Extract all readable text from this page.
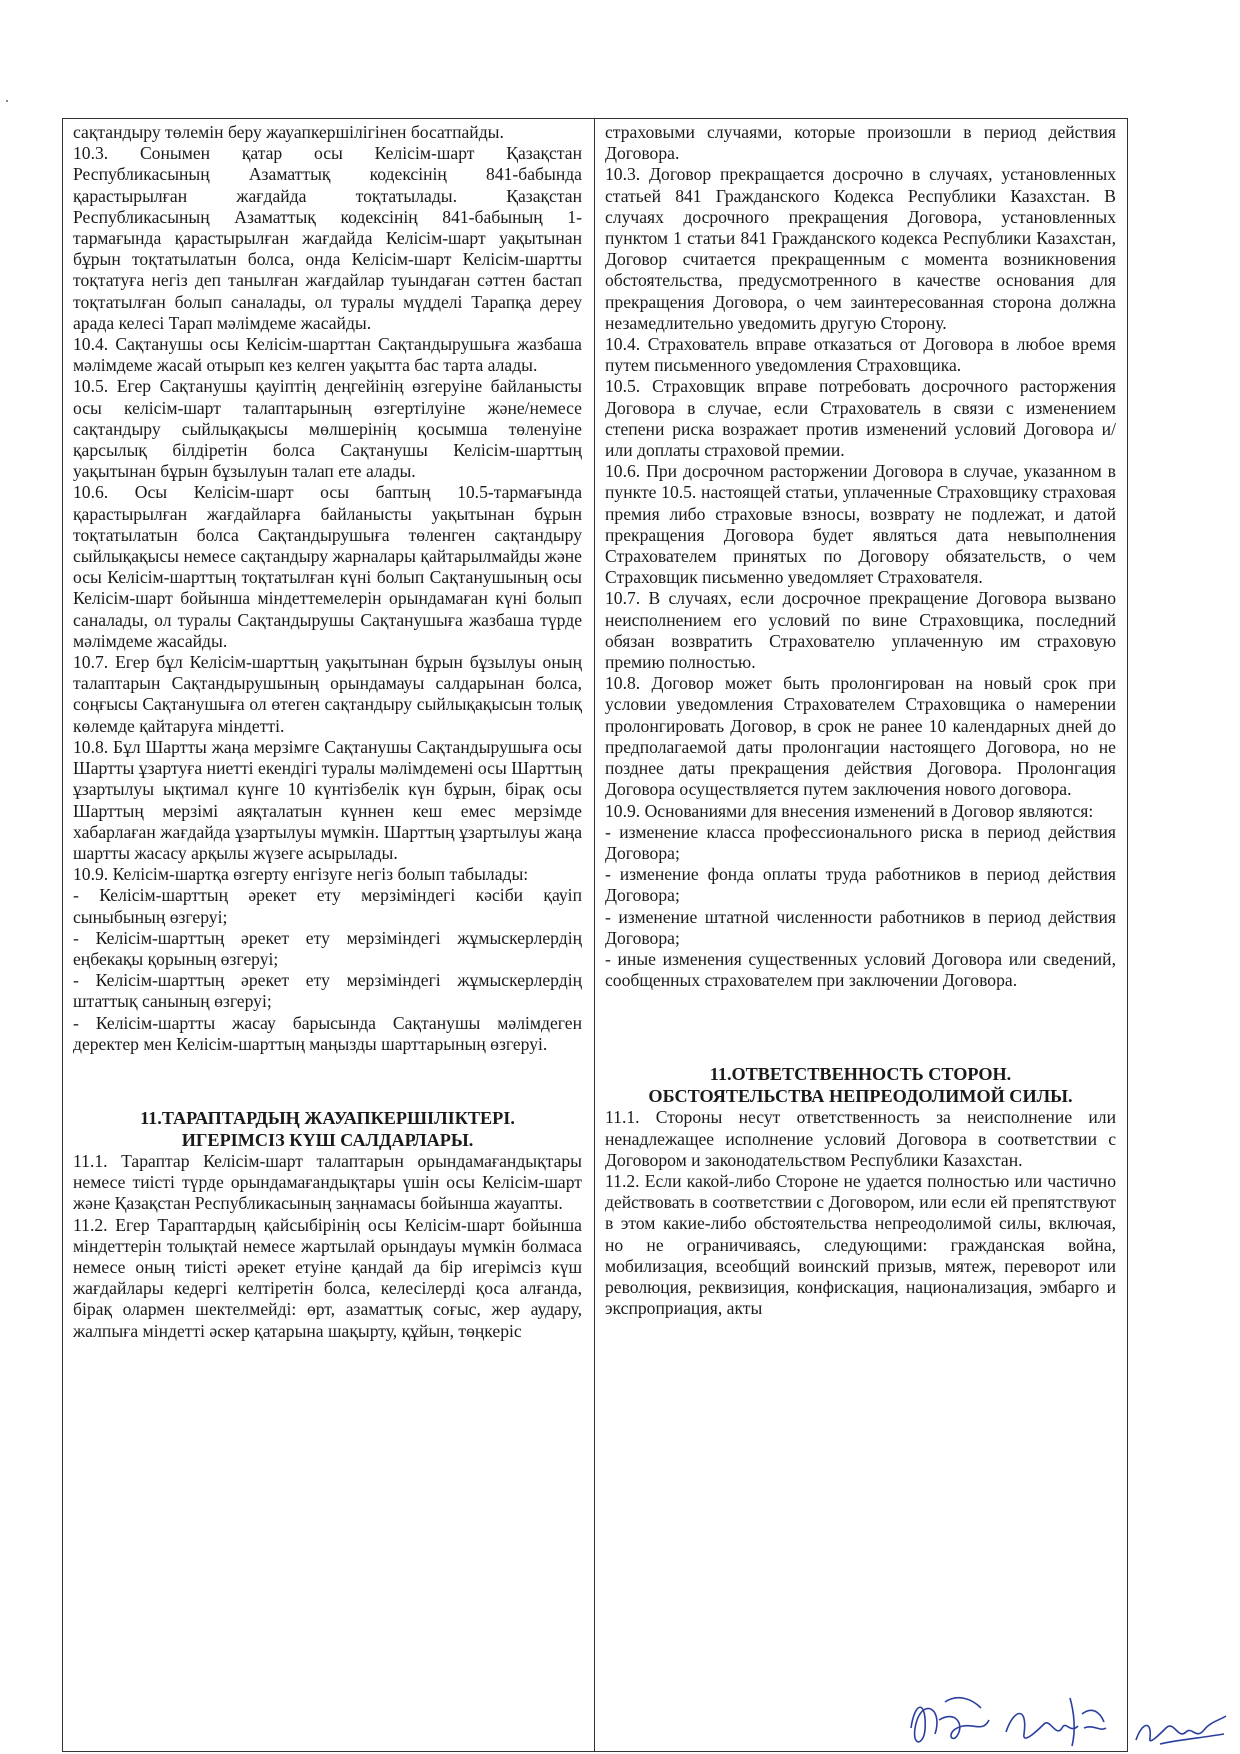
сақтандыру төлемін беру жауапкершілігінен босатпайды.

10.3. Сонымен қатар осы Келісім-шарт Қазақстан Республикасының Азаматтық кодексінің 841-бабында қарастырылған жағдайда тоқтатылады. Қазақстан Республикасының Азаматтық кодексінің 841-бабының 1-тармағында қарастырылған жағдайда Келісім-шарт уақытынан бұрын тоқтатылатын болса, онда Келісім-шарт Келісім-шартты тоқтатуға негіз деп танылған жағдайлар туындаған сәттен бастап тоқтатылған болып саналады, ол туралы мүдделі Тарапқа дереу арада келесі Тарап мәлімдеме жасайды.

10.4. Сақтанушы осы Келісім-шарттан Сақтандырушыға жазбаша мәлімдеме жасай отырып кез келген уақытта бас тарта алады.

10.5. Егер Сақтанушы қауіптің деңгейінің өзгеруіне байланысты осы келісім-шарт талаптарының өзгертілуіне және/немесе сақтандыру сыйлықақысы мөлшерінің қосымша төленуіне қарсылық білдіретін болса Сақтанушы Келісім-шарттың уақытынан бұрын бұзылуын талап ете алады.

10.6. Осы Келісім-шарт осы баптың 10.5-тармағында қарастырылған жағдайларға байланысты уақытынан бұрын тоқтатылатын болса Сақтандырушыға төленген сақтандыру сыйлықақысы немесе сақтандыру жарналары қайтарылмайды және осы Келісім-шарттың тоқтатылған күні болып Сақтанушының осы Келісім-шарт бойынша міндеттемелерін орындамаған күні болып саналады, ол туралы Сақтандырушы Сақтанушыға жазбаша түрде мәлімдеме жасайды.

10.7. Егер бұл Келісім-шарттың уақытынан бұрын бұзылуы оның талаптарын Сақтандырушының орындамауы салдарынан болса, соңғысы Сақтанушыға ол өтеген сақтандыру сыйлықақысын толық көлемде қайтаруға міндетті.

10.8. Бұл Шартты жаңа мерзімге Сақтанушы Сақтандырушыға осы Шартты ұзартуға ниетті екендігі туралы мәлімдемені осы Шарттың ұзартылуы ықтимал күнге 10 күнтізбелік күн бұрын, бірақ осы Шарттың мерзімі аяқталатын күннен кеш емес мерзімде хабарлаған жағдайда ұзартылуы мүмкін. Шарттың ұзартылуы жаңа шартты жасасу арқылы жүзеге асырылады.

10.9. Келісім-шартқа өзгерту енгізуге негіз болып табылады:

- Келісім-шарттың әрекет ету мерзіміндегі кәсіби қауіп сыныбының өзгеруі;

- Келісім-шарттың әрекет ету мерзіміндегі жұмыскерлердің еңбекақы қорының өзгеруі;

- Келісім-шарттың әрекет ету мерзіміндегі жұмыскерлердің штаттық санының өзгеруі;

- Келісім-шартты жасау барысында Сақтанушы мәлімдеген деректер мен Келісім-шарттың маңызды шарттарының өзгеруі.

11.ТАРАПТАРДЫҢ ЖАУАПКЕРШІЛІКТЕРІ.

ИГЕРІМСІЗ КҮШ САЛДАРЛАРЫ.

11.1. Тараптар Келісім-шарт талаптарын орындамағандықтары немесе тиісті түрде орындамағандықтары үшін осы Келісім-шарт және Қазақстан Республикасының заңнамасы бойынша жауапты.

11.2. Егер Тараптардың қайсыбірінің осы Келісім-шарт бойынша міндеттерін толықтай немесе жартылай орындауы мүмкін болмаса немесе оның тиісті әрекет етуіне қандай да бір игерімсіз күш жағдайлары кедергі келтіретін болса, келесілерді қоса алғанда, бірақ олармен шектелмейді: өрт, азаматтық соғыс, жер аудару, жалпыға міндетті әскер қатарына шақырту, құйын, төңкеріс

страховыми случаями, которые произошли в период действия Договора.

10.3. Договор прекращается досрочно в случаях, установленных статьей 841 Гражданского Кодекса Республики Казахстан. В случаях досрочного прекращения Договора, установленных пунктом 1 статьи 841 Гражданского кодекса Республики Казахстан, Договор считается прекращенным с момента возникновения обстоятельства, предусмотренного в качестве основания для прекращения Договора, о чем заинтересованная сторона должна незамедлительно уведомить другую Сторону.

10.4. Страхователь вправе отказаться от Договора в любое время путем письменного уведомления Страховщика.

10.5. Страховщик вправе потребовать досрочного расторжения Договора в случае, если Страхователь в связи с изменением степени риска возражает против изменений условий Договора и/или доплаты страховой премии.

10.6. При досрочном расторжении Договора в случае, указанном в пункте 10.5. настоящей статьи, уплаченные Страховщику страховая премия либо страховые взносы, возврату не подлежат, и датой прекращения Договора будет являться дата невыполнения Страхователем принятых по Договору обязательств, о чем Страховщик письменно уведомляет Страхователя.

10.7. В случаях, если досрочное прекращение Договора вызвано неисполнением его условий по вине Страховщика, последний обязан возвратить Страхователю уплаченную им страховую премию полностью.

10.8. Договор может быть пролонгирован на новый срок при условии уведомления Страхователем Страховщика о намерении пролонгировать Договор, в срок не ранее 10 календарных дней до предполагаемой даты пролонгации настоящего Договора, но не позднее даты прекращения действия Договора. Пролонгация Договора осуществляется путем заключения нового договора.

10.9. Основаниями для внесения изменений в Договор являются:

- изменение класса профессионального риска в период действия Договора;

- изменение фонда оплаты труда работников в период действия Договора;

- изменение штатной численности работников в период действия Договора;

- иные изменения существенных условий Договора или сведений, сообщенных страхователем при заключении Договора.

11.ОТВЕТСТВЕННОСТЬ СТОРОН.

ОБСТОЯТЕЛЬСТВА НЕПРЕОДОЛИМОЙ СИЛЫ.

11.1. Стороны несут ответственность за неисполнение или ненадлежащее исполнение условий Договора в соответствии с Договором и законодательством Республики Казахстан.

11.2. Если какой-либо Стороне не удается полностью или частично действовать в соответствии с Договором, или если ей препятствуют в этом какие-либо обстоятельства непреодолимой силы, включая, но не ограничиваясь, следующими: гражданская война, мобилизация, всеобщий воинский призыв, мятеж, переворот или революция, реквизиция, конфискация, национализация, эмбарго и экспроприация, акты
